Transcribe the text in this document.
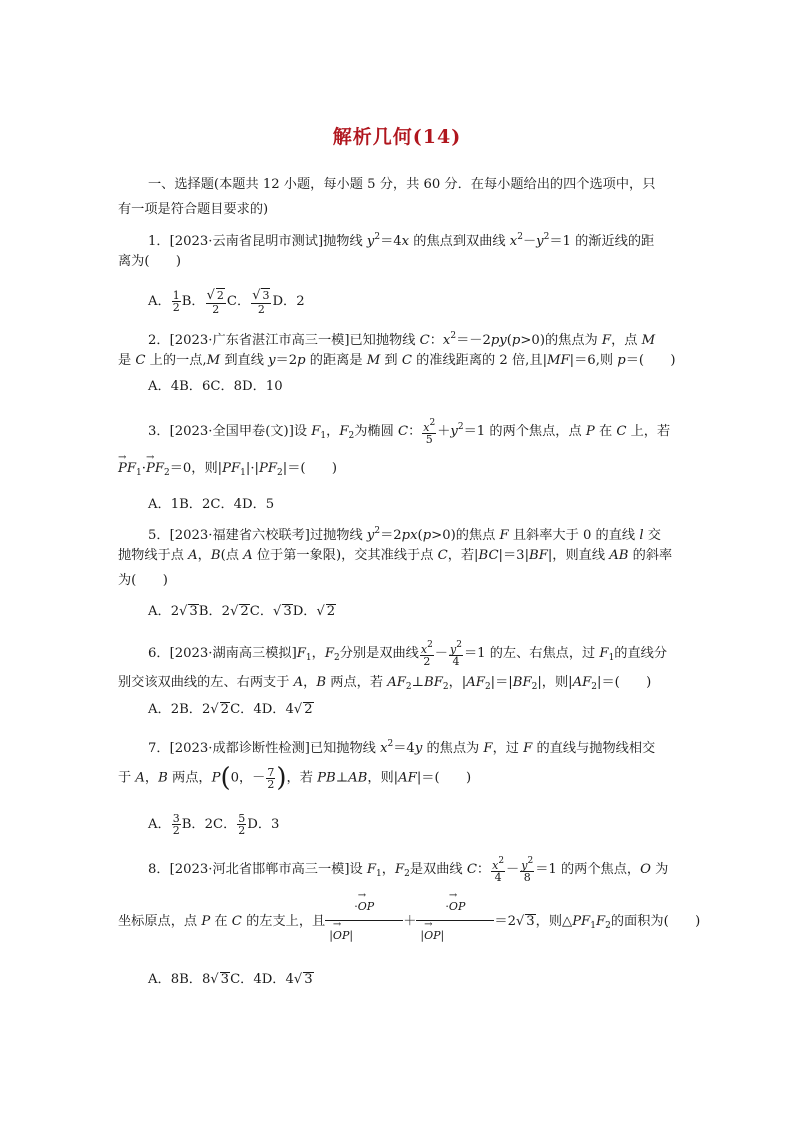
解析几何(14)
一、选择题(本题共 12 小题，每小题 5 分，共 60 分．在每小题给出的四个选项中，只
有一项是符合题目要求的)
1．[2023·云南省昆明市测试]抛物线 $y^2=4x$ 的焦点到双曲线 $x^2-y^2=1$ 的渐近线的距
离为(　　)
A． $\frac{1}{2}$ B． $\frac{√ 2}{2}$ C． $\frac{√ 3}{2}$ D．2
2．[2023·广东省湛江市高三一模]已知抛物线 C：$x^2=-2py(p>0)$的焦点为 F，点 M
是 C 上的一点,M 到直线 y＝2p 的距离是 M 到 C 的准线距离的 2 倍,且|MF|＝6,则 p＝(　　)
A．4B．6C．8D．10
3．[2023·全国甲卷(文)]设 $F_1$，$F_2$为椭圆 C： $\frac{x^2}{5} +y^2=1$ 的两个焦点，点 P 在 C 上，若
→ $PF_1\cdot\to PF_2=0$，则$|PF_1|\cdot|PF_2|=$(　　)
A．1B．2C．4D．5
5．[2023·福建省六校联考]过抛物线 $y^2=2px(p>0)$的焦点 F 且斜率大于 0 的直线 l 交
抛物线于点 A，B(点 A 位于第一象限)，交其准线于点 C，若|BC|＝3|BF|，则直线 AB 的斜率
为(　　)
A．2√ 3B．2√ 2C．√ 3D．√ 2
6．[2023·湖南高三模拟]$F_1$，$F_2$分别是双曲线 $\frac{x^2}{2} - \frac{y^2}{4} =1$ 的左、右焦点，过 $F_1$的直线分
别交该双曲线的左、右两支于 A，B 两点，若 $AF_2\perp BF_2$，$|AF_2|=|BF_2|$，则$|AF_2|=$(　　)
A．2B．2√ 2C．4D．4√ 2
7．[2023·成都诊断性检测]已知抛物线 $x^2=4y$ 的焦点为 F，过 F 的直线与抛物线相交
于 A，B 两点，P(0，－ $\frac{7}{2}$ )，若 PB⊥AB，则|AF|＝(　　)
A． $\frac{3}{2}$ B．2C． $\frac{5}{2}$ D．3
8．[2023·河北省邯郸市高三一模]设 $F_1$，$F_2$是双曲线 C： $\frac{x^2}{4} - \frac{y^2}{8} =1$ 的两个焦点，O 为
坐标原点，点 P 在 C 的左支上，且 $\frac{\cdot\to OP}{|\to OP|} + \frac{\cdot\to OP}{|\to OP|} =2√$ 3，则$\triangle PF_1F_2$的面积为(　　)
A．8B．8√ 3C．4D．4√ 3
